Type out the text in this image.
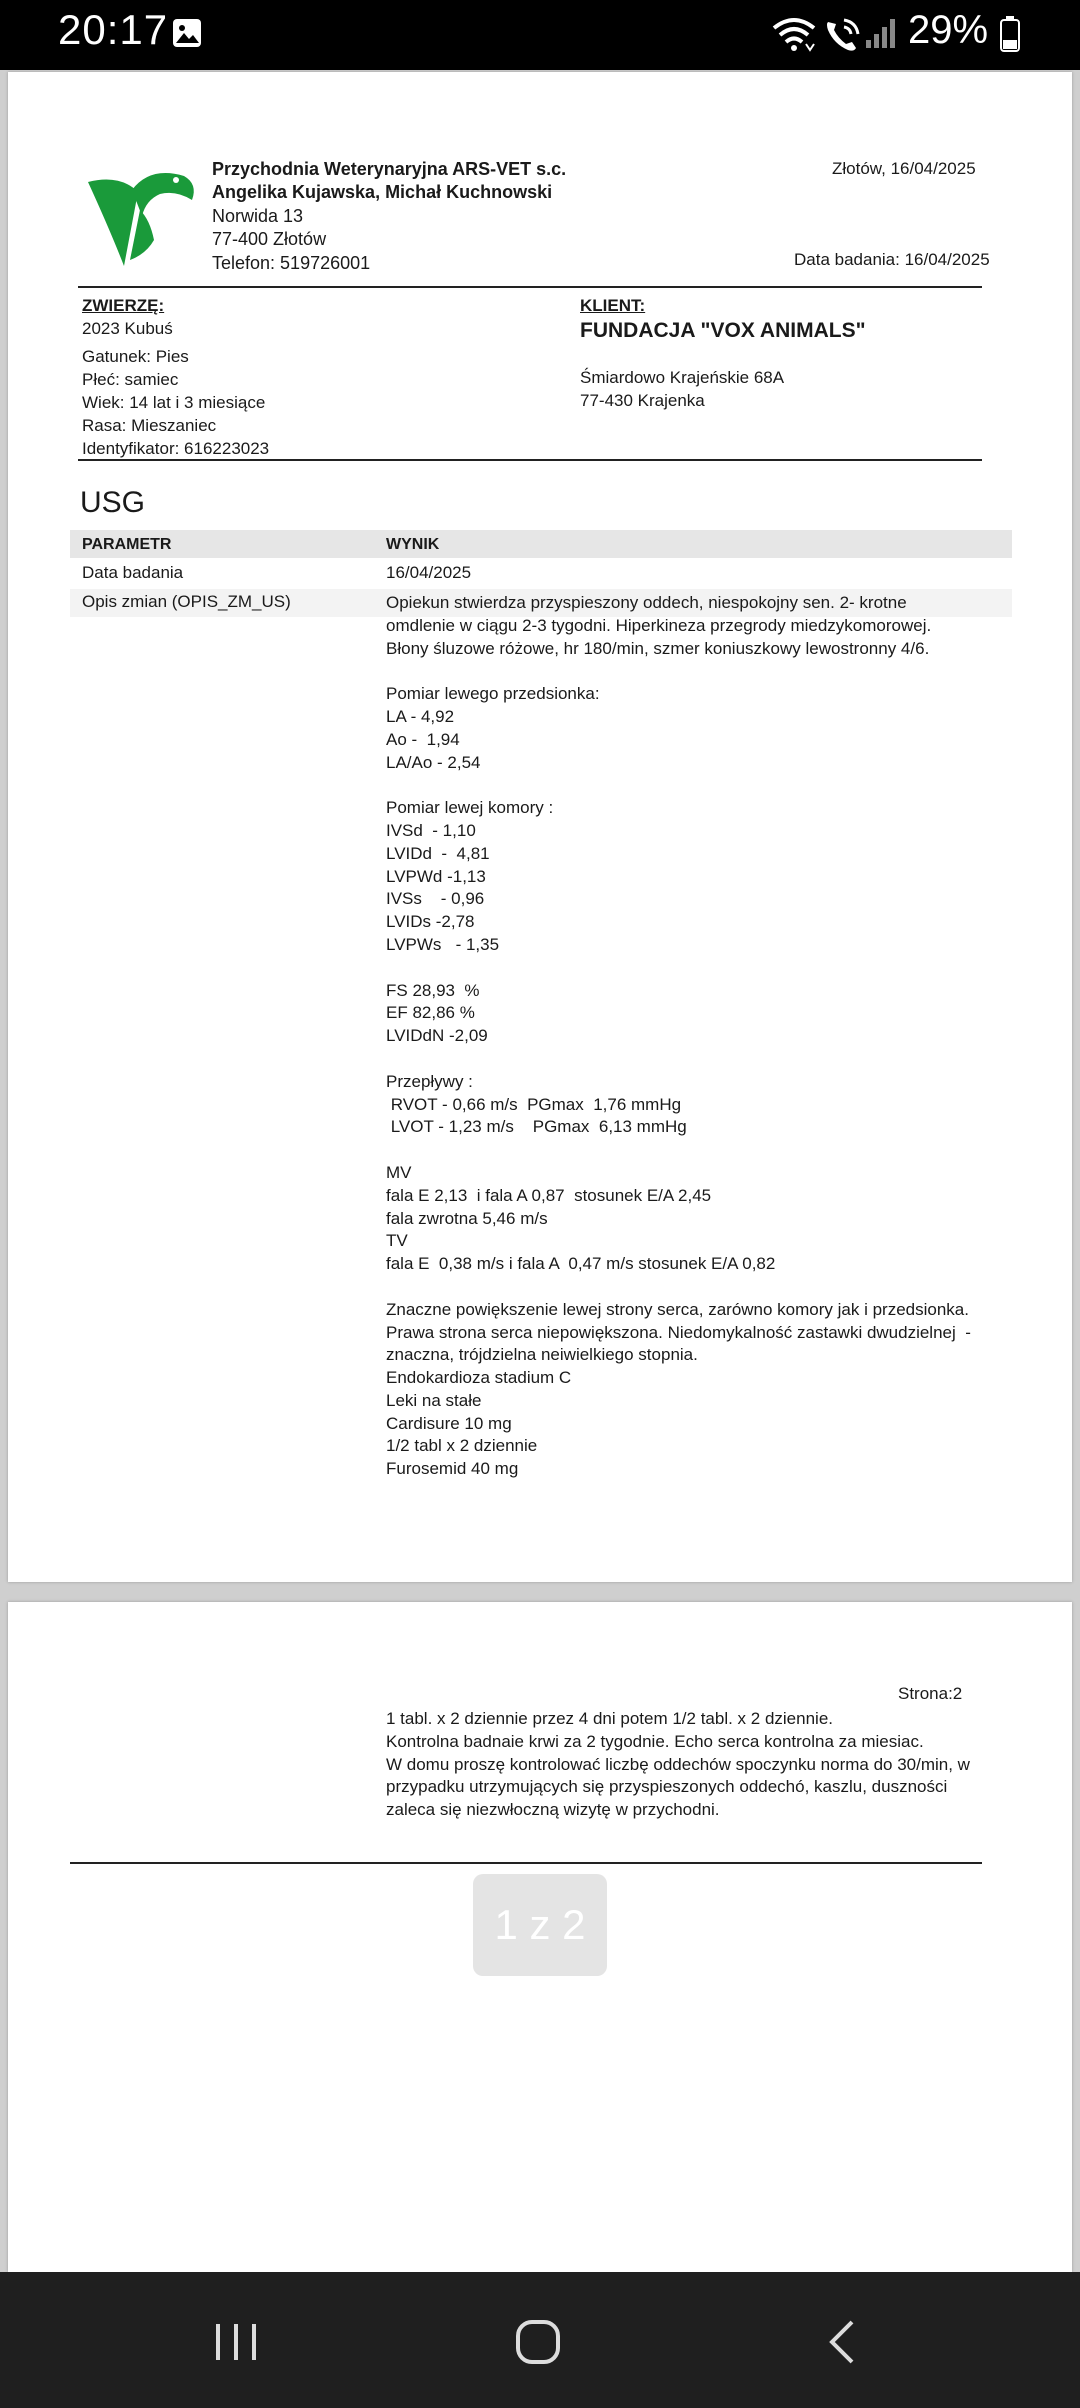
20:17	29%
Przychodnia Weterynaryjna ARS-VET s.c.
Angelika Kujawska, Michał Kuchnowski
Norwida 13
77-400 Złotów
Telefon: 519726001
Złotów, 16/04/2025
Data badania: 16/04/2025
ZWIERZĘ:
2023 Kubuś
Gatunek: Pies
Płeć: samiec
Wiek: 14 lat i 3 miesiące
Rasa: Mieszaniec
Identyfikator: 616223023
KLIENT:
FUNDACJA "VOX ANIMALS"
Śmiardowo Krajeńskie 68A
77-430 Krajenka
USG
PARAMETR	WYNIK
Data badania	16/04/2025
Opis zmian (OPIS_ZM_US)	Opiekun stwierdza przyspieszony oddech, niespokojny sen. 2- krotne
omdlenie w ciągu 2-3 tygodni. Hiperkineza przegrody miedzykomorowej.
Błony śluzowe różowe, hr 180/min, szmer koniuszkowy lewostronny 4/6.
Pomiar lewego przedsionka:
LA - 4,92
Ao -  1,94
LA/Ao - 2,54
Pomiar lewej komory :
IVSd  - 1,10
LVIDd  -  4,81
LVPWd -1,13
IVSs    - 0,96
LVIDs -2,78
LVPWs   - 1,35
FS 28,93  %
EF 82,86 %
LVIDdN -2,09
Przepływy :
RVOT - 0,66 m/s  PGmax  1,76 mmHg
LVOT - 1,23 m/s    PGmax  6,13 mmHg
MV
fala E 2,13  i fala A 0,87  stosunek E/A 2,45
fala zwrotna 5,46 m/s
TV
fala E  0,38 m/s i fala A  0,47 m/s stosunek E/A 0,82
Znaczne powiększenie lewej strony serca, zarówno komory jak i przedsionka.
Prawa strona serca niepowiększona. Niedomykalność zastawki dwudzielnej  -
znaczna, trójdzielna neiwielkiego stopnia.
Endokardioza stadium C
Leki na stałe
Cardisure 10 mg
1/2 tabl x 2 dziennie
Furosemid 40 mg
Strona:2
1 tabl. x 2 dziennie przez 4 dni potem 1/2 tabl. x 2 dziennie.
Kontrolna badnaie krwi za 2 tygodnie. Echo serca kontrolna za miesiac.
W domu proszę kontrolować liczbę oddechów spoczynku norma do 30/min, w
przypadku utrzymujących się przyspieszonych oddechó, kaszlu, duszności
zaleca się niezwłoczną wizytę w przychodni.
1 z 2
